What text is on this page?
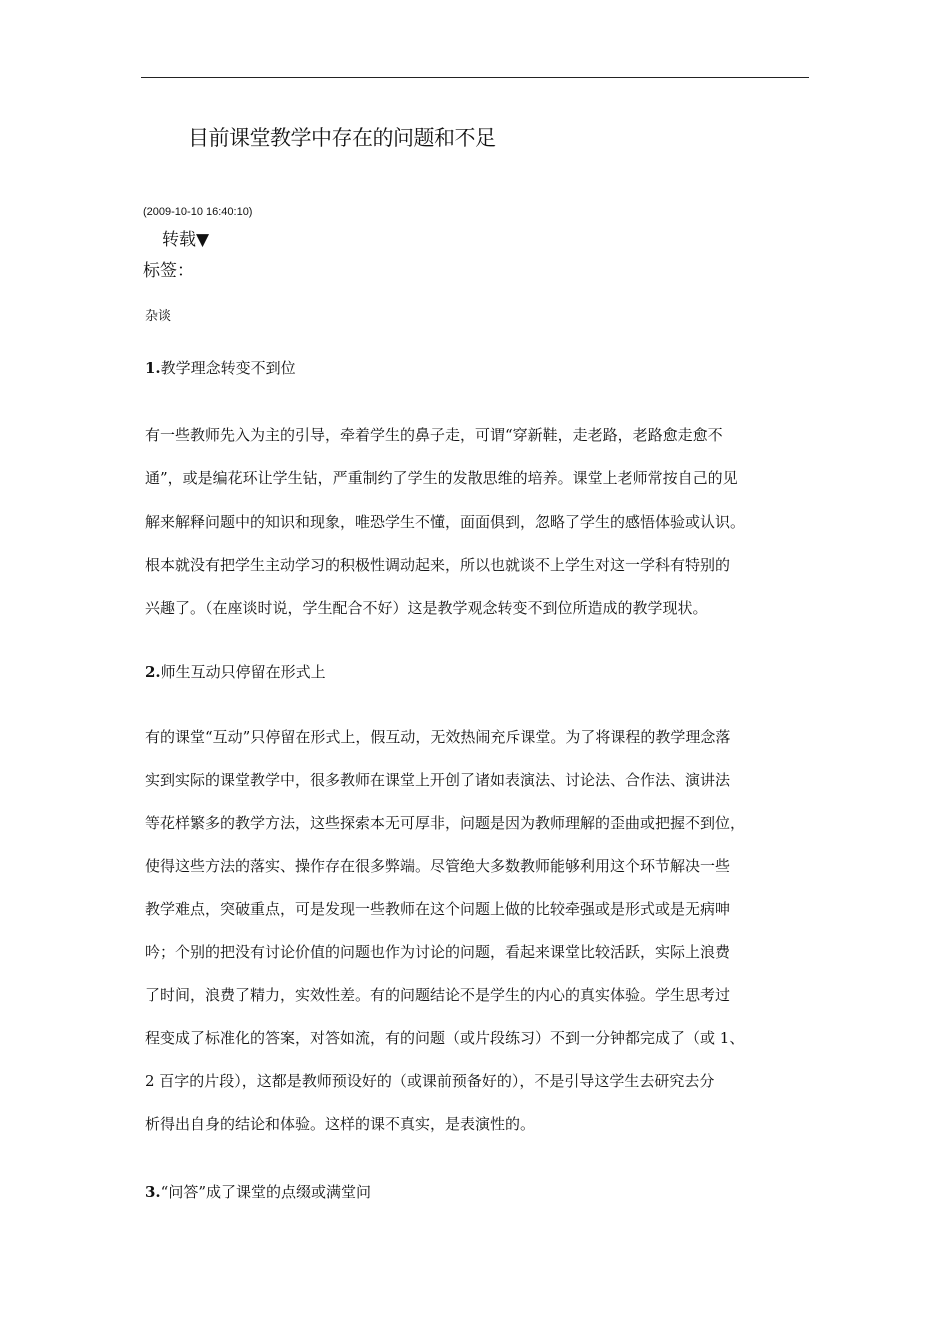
目前课堂教学中存在的问题和不足
(2009-10-10 16:40:10)
转载▼
标签：
杂谈
1.教学理念转变不到位
有一些教师先入为主的引导，牵着学生的鼻子走，可谓“穿新鞋，走老路，老路愈走愈不
通”，或是编花环让学生钻，严重制约了学生的发散思维的培养。课堂上老师常按自己的见
解来解释问题中的知识和现象，唯恐学生不懂，面面俱到，忽略了学生的感悟体验或认识。
根本就没有把学生主动学习的积极性调动起来，所以也就谈不上学生对这一学科有特别的
兴趣了。（在座谈时说，学生配合不好）这是教学观念转变不到位所造成的教学现状。
2.师生互动只停留在形式上
有的课堂“互动”只停留在形式上，假互动，无效热闹充斥课堂。为了将课程的教学理念落
实到实际的课堂教学中，很多教师在课堂上开创了诸如表演法、讨论法、合作法、演讲法
等花样繁多的教学方法，这些探索本无可厚非，问题是因为教师理解的歪曲或把握不到位，
使得这些方法的落实、操作存在很多弊端。尽管绝大多数教师能够利用这个环节解决一些
教学难点，突破重点，可是发现一些教师在这个问题上做的比较牵强或是形式或是无病呻
吟；个别的把没有讨论价值的问题也作为讨论的问题，看起来课堂比较活跃，实际上浪费
了时间，浪费了精力，实效性差。有的问题结论不是学生的内心的真实体验。学生思考过
程变成了标准化的答案，对答如流，有的问题（或片段练习）不到一分钟都完成了（或 1、
2 百字的片段），这都是教师预设好的（或课前预备好的），不是引导这学生去研究去分
析得出自身的结论和体验。这样的课不真实，是表演性的。
3.“问答”成了课堂的点缀或满堂问
